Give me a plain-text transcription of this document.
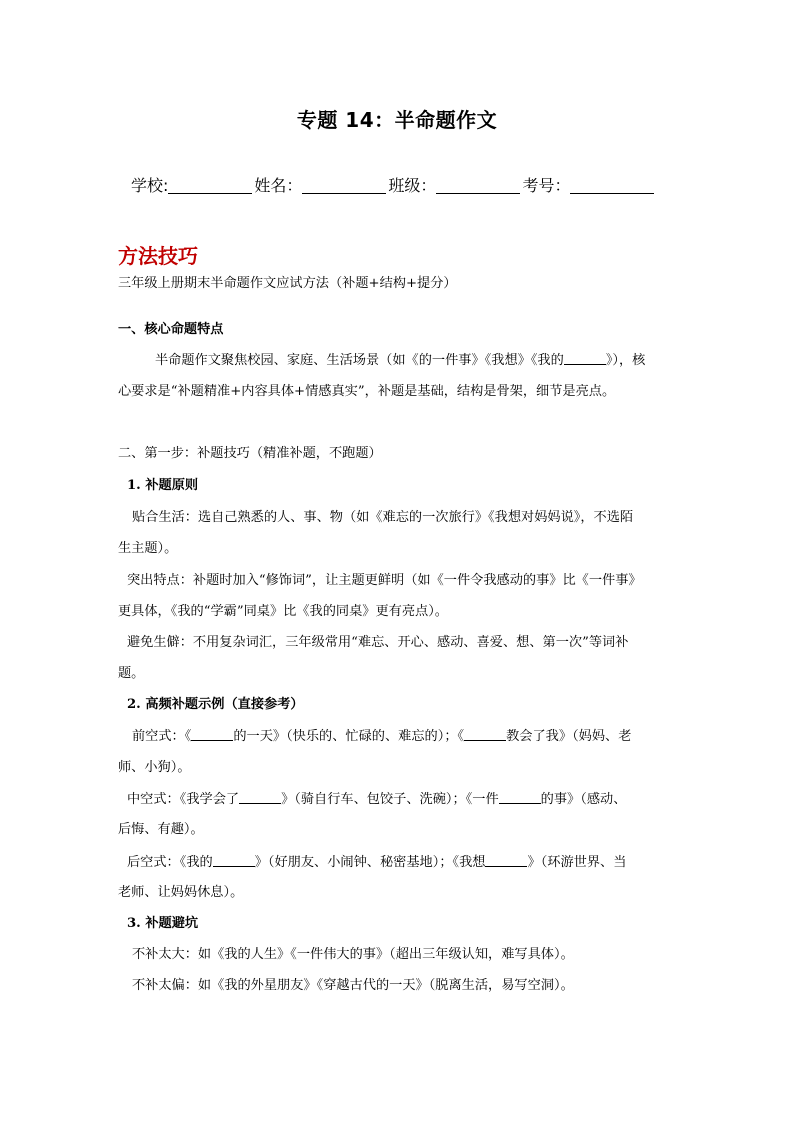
专题 14：半命题作文
学校:	姓名：	班级：	考号：
方法技巧
三年级上册期末半命题作文应试方法（补题+结构+提分）
一、核心命题特点
半命题作文聚焦校园、家庭、生活场景（如《的一件事》《我想》《我的	》），核
心要求是“补题精准+内容具体+情感真实”，补题是基础，结构是骨架，细节是亮点。
二、第一步：补题技巧（精准补题，不跑题）
1. 补题原则
贴合生活：选自己熟悉的人、事、物（如《难忘的一次旅行》《我想对妈妈说》，不选陌
生主题）。
突出特点：补题时加入“修饰词”，让主题更鲜明（如《一件令我感动的事》比《一件事》
更具体，《我的“学霸”同桌》比《我的同桌》更有亮点）。
避免生僻：不用复杂词汇，三年级常用“难忘、开心、感动、喜爱、想、第一次”等词补
题。
2. 高频补题示例（直接参考）
前空式：《	的一天》（快乐的、忙碌的、难忘的）；《	教会了我》（妈妈、老
师、小狗）。
中空式：《我学会了	》（骑自行车、包饺子、洗碗）；《一件	的事》（感动、
后悔、有趣）。
后空式：《我的	》（好朋友、小闹钟、秘密基地）；《我想	》（环游世界、当
老师、让妈妈休息）。
3. 补题避坑
不补太大：如《我的人生》《一件伟大的事》（超出三年级认知，难写具体）。
不补太偏：如《我的外星朋友》《穿越古代的一天》（脱离生活，易写空洞）。
